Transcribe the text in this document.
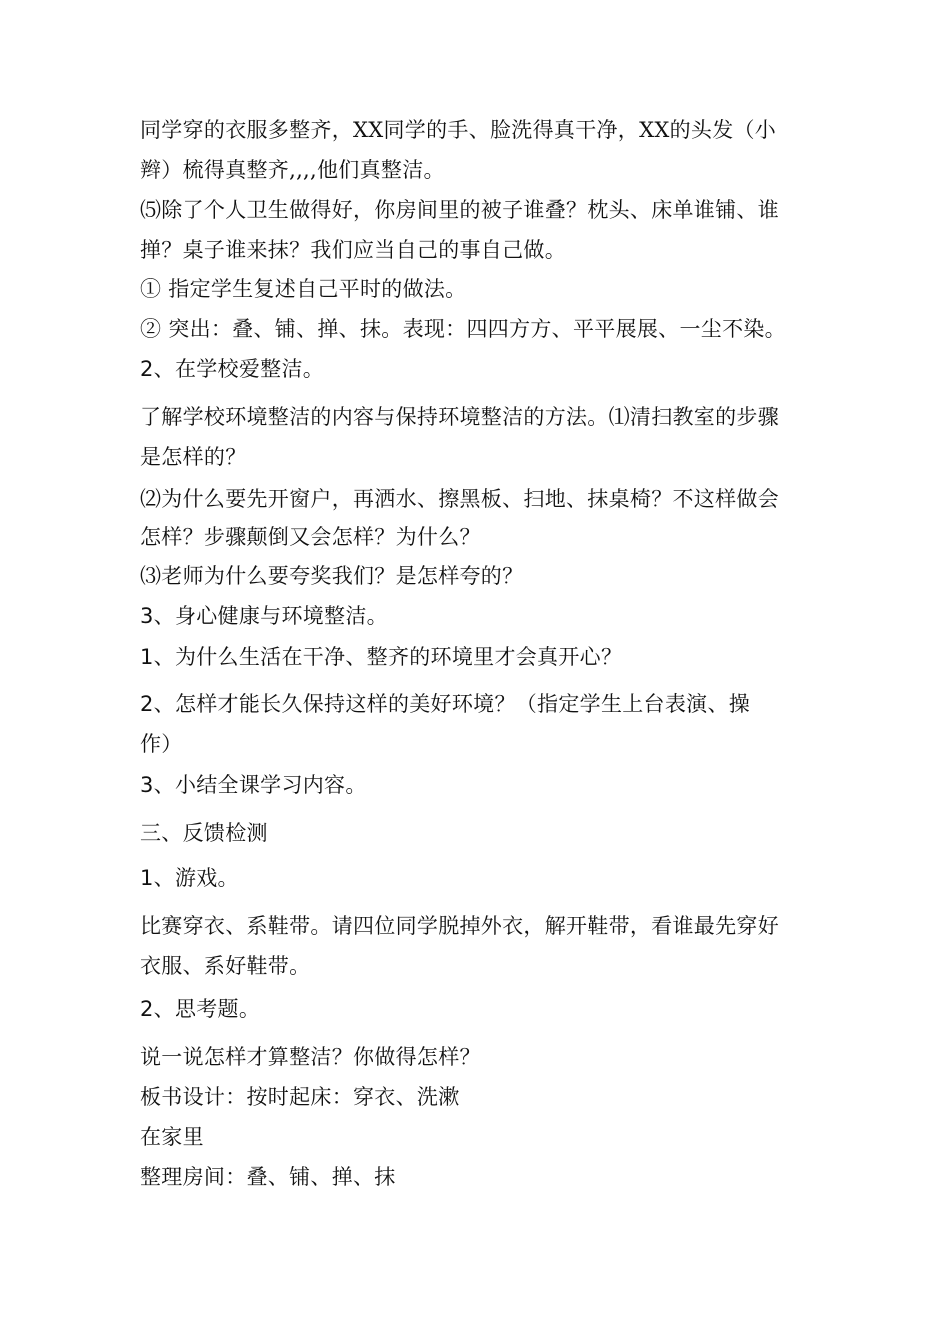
同学穿的衣服多整齐，XX同学的手、脸洗得真干净，XX的头发（小

辫）梳得真整齐,,,,他们真整洁。

⑸除了个人卫生做得好，你房间里的被子谁叠？枕头、床单谁铺、谁

掸？桌子谁来抹？我们应当自己的事自己做。

① 指定学生复述自己平时的做法。

② 突出：叠、铺、掸、抹。表现：四四方方、平平展展、一尘不染。

2、在学校爱整洁。

了解学校环境整洁的内容与保持环境整洁的方法。⑴清扫教室的步骤

是怎样的？

⑵为什么要先开窗户，再洒水、擦黑板、扫地、抹桌椅？不这样做会

怎样？步骤颠倒又会怎样？为什么？

⑶老师为什么要夸奖我们？是怎样夸的？

3、身心健康与环境整洁。

1、为什么生活在干净、整齐的环境里才会真开心？

2、怎样才能长久保持这样的美好环境？（指定学生上台表演、操

作）

3、小结全课学习内容。

三、反馈检测

1、游戏。

比赛穿衣、系鞋带。请四位同学脱掉外衣，解开鞋带，看谁最先穿好

衣服、系好鞋带。

2、思考题。

说一说怎样才算整洁？你做得怎样？

板书设计：按时起床：穿衣、洗漱

在家里

整理房间：叠、铺、掸、抹
